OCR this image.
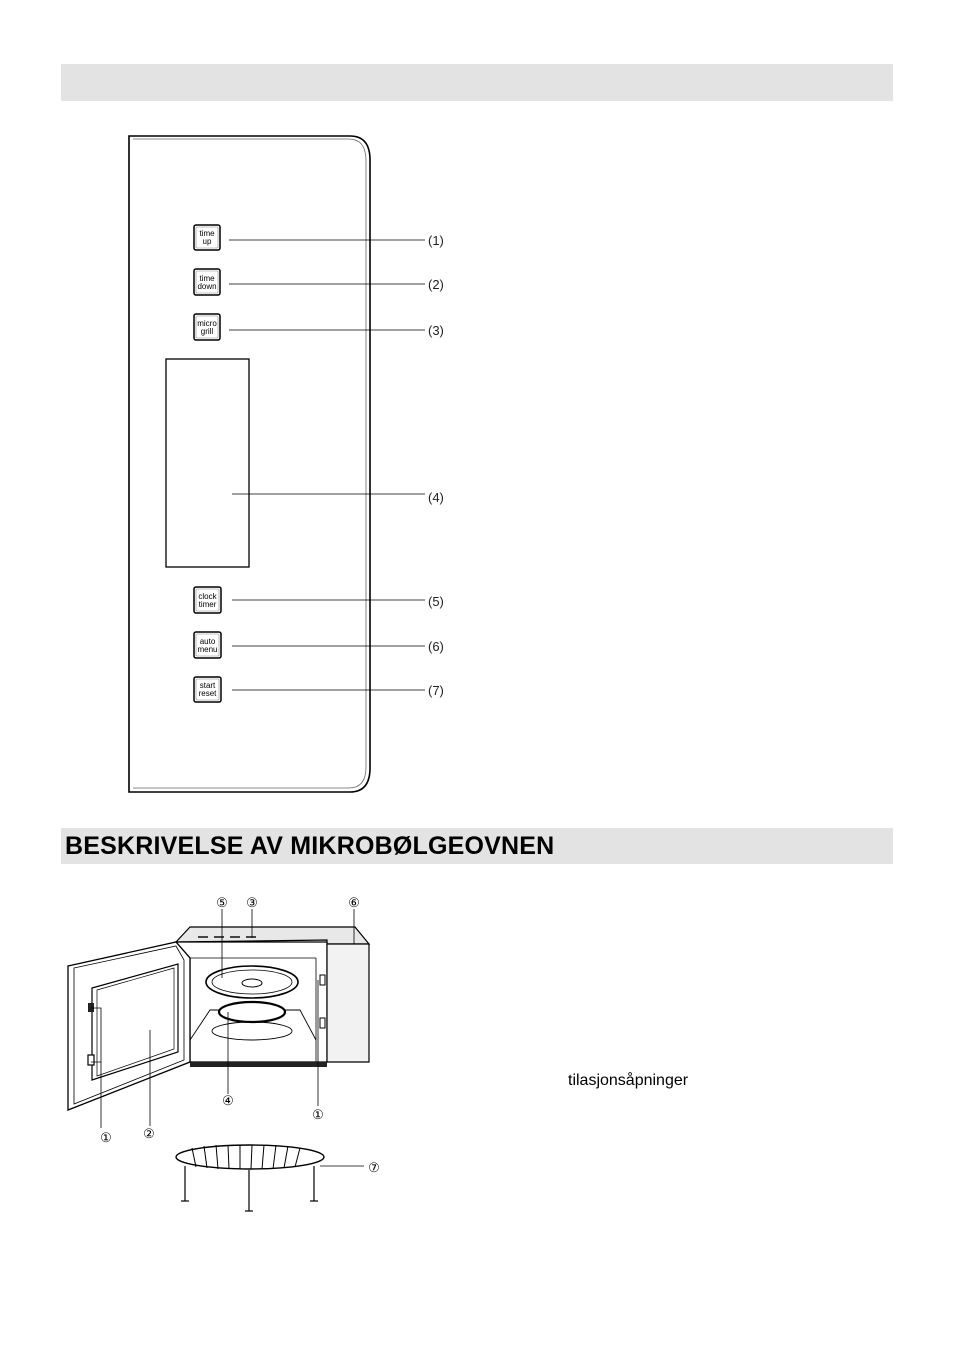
time
up	(1)
time
down	(2)
micro
grill	(3)
(4)
clock
timer	(5)
auto
menu	(6)
start
reset	(7)
BESKRIVELSE AV MIKROBØLGEOVNEN
⑤ ③	⑥
④
①
① ②
⑦
tilasjonsåpninger
